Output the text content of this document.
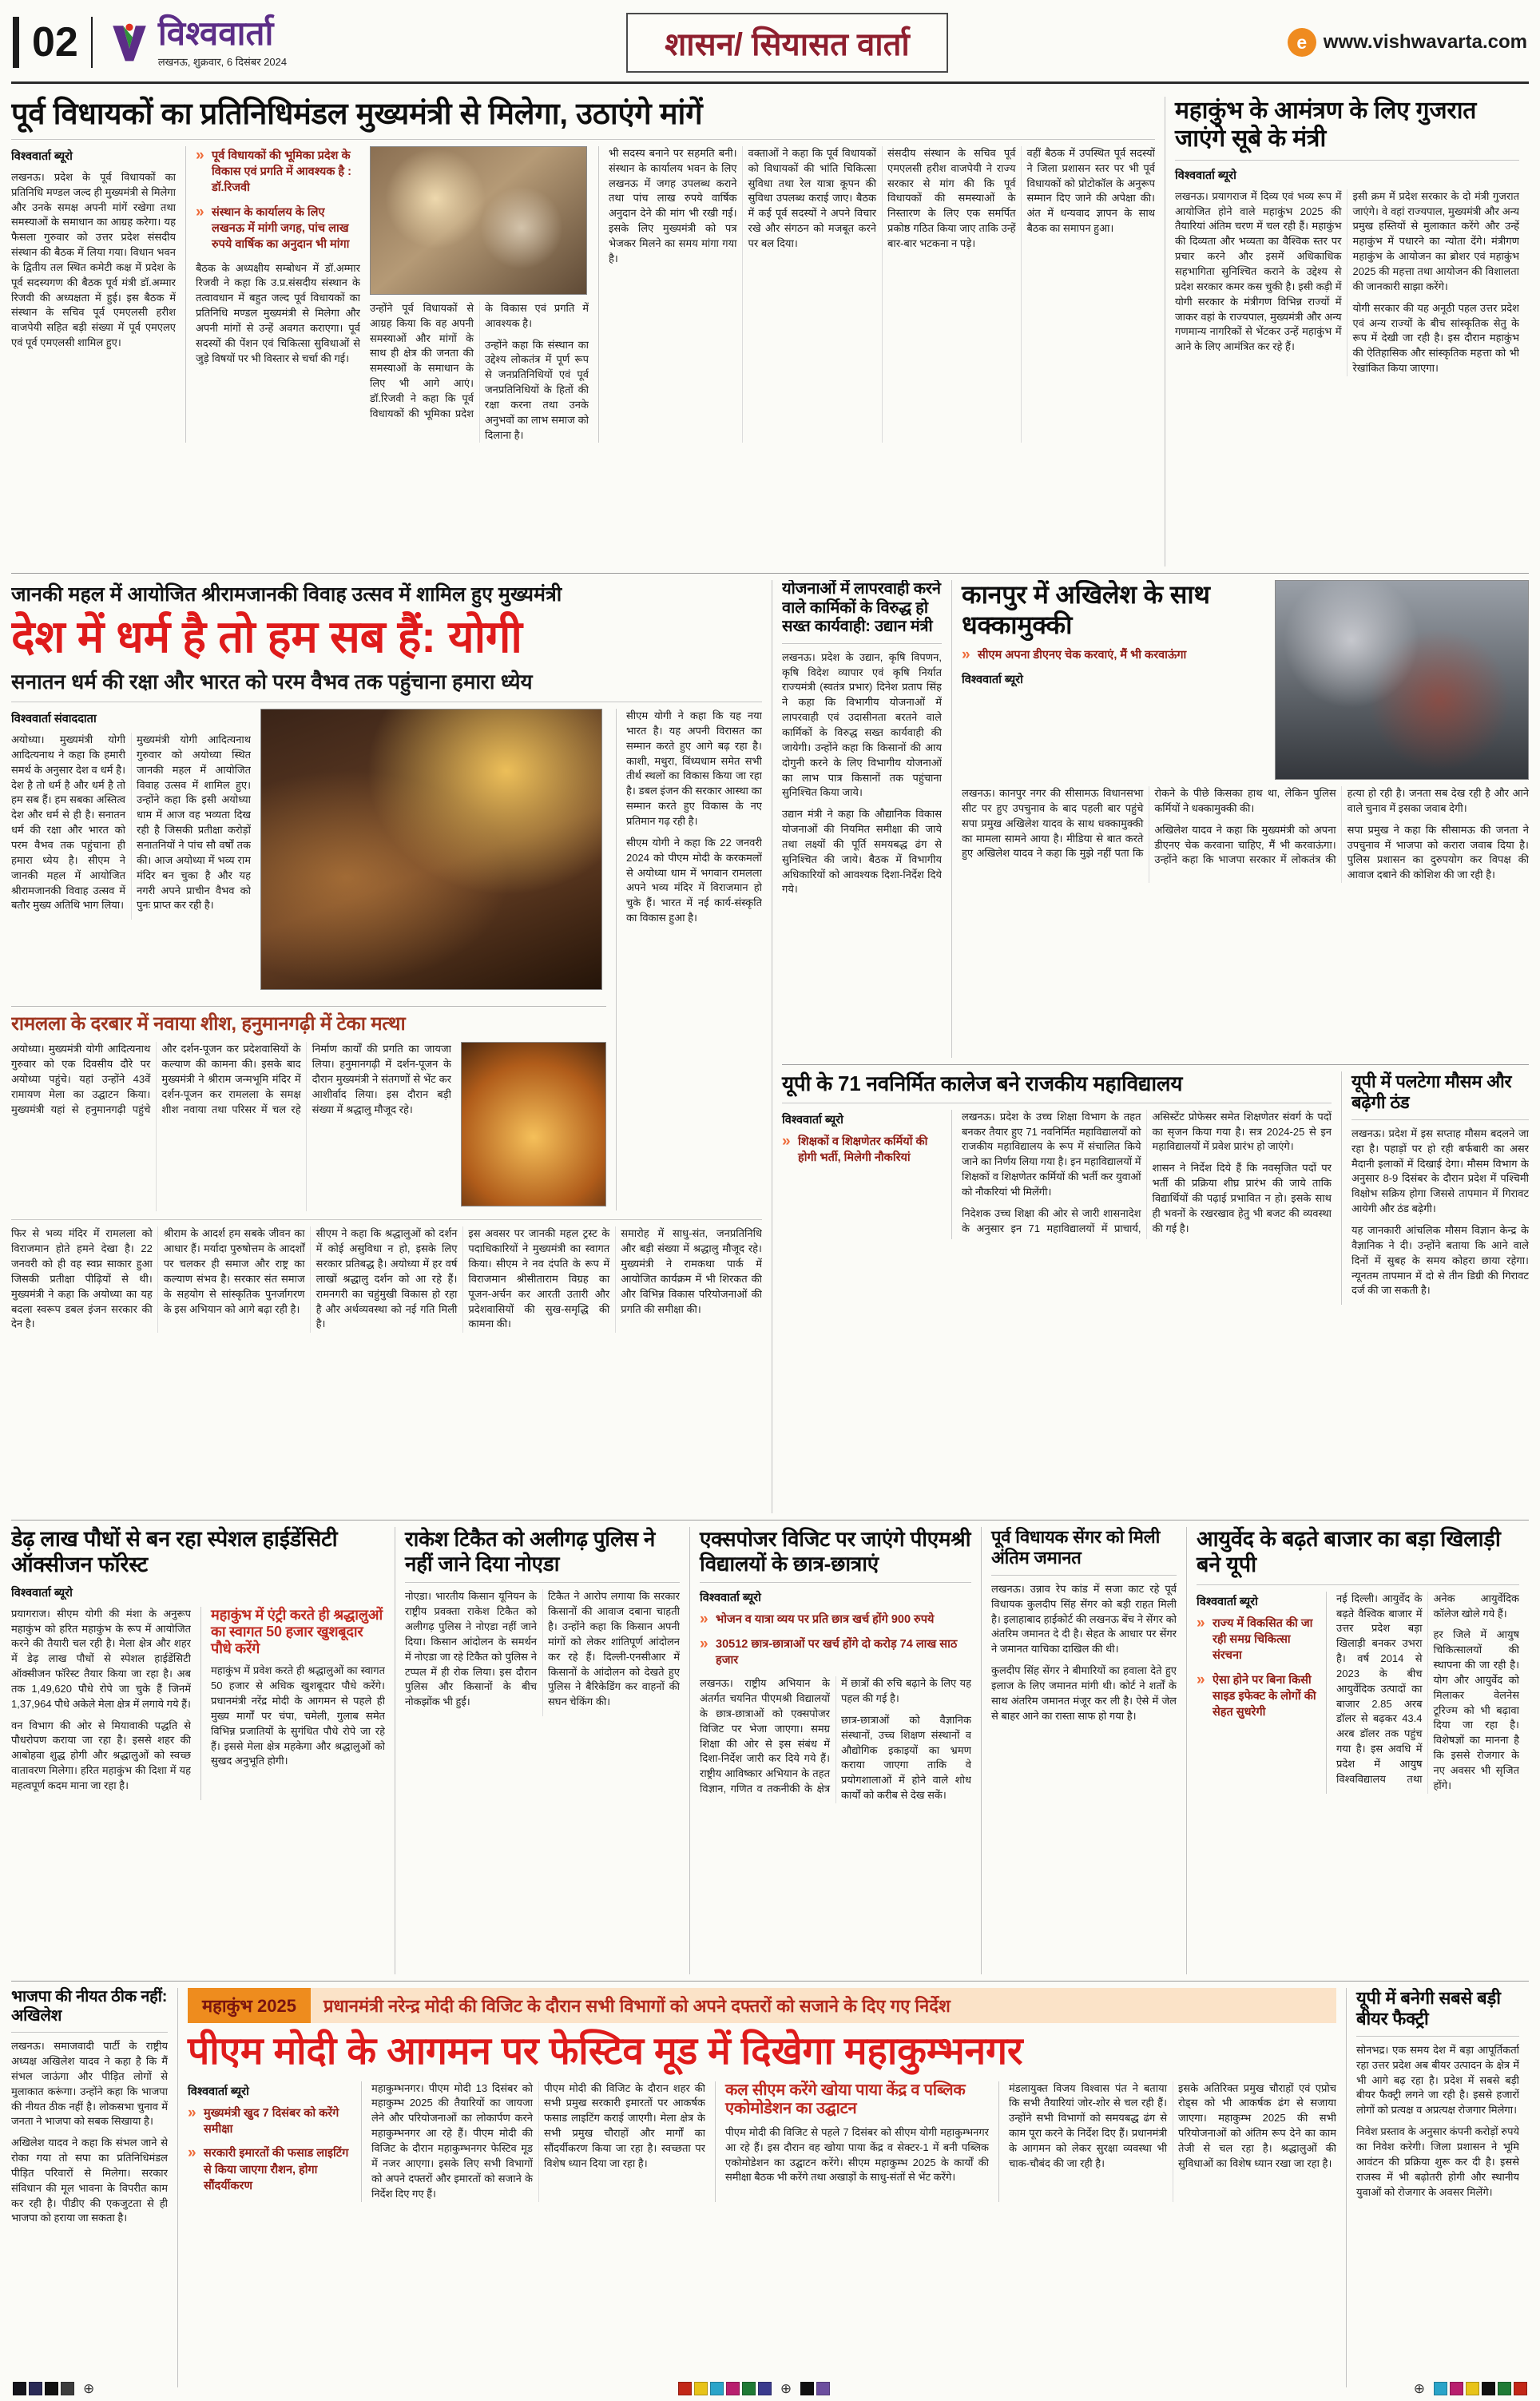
02	विश्ववार्ता
लखनऊ, शुक्रवार, 6 दिसंबर 2024	शासन/ सियासत वार्ता	e www.vishwavarta.com
पूर्व विधायकों का प्रतिनिधिमंडल मुख्यमंत्री से मिलेगा, उठाएंगे मांगें
विश्ववार्ता ब्यूरो

लखनऊ। प्रदेश के पूर्व विधायकों का प्रतिनिधि मण्डल जल्द ही मुख्यमंत्री से मिलेगा और उनके समक्ष अपनी मांगें रखेगा तथा समस्याओं के समाधान का आग्रह करेगा। यह फैसला गुरुवार को उत्तर प्रदेश संसदीय संस्थान की बैठक में लिया गया। विधान भवन के द्वितीय तल स्थित कमेटी कक्ष में प्रदेश के पूर्व सदस्यगण की बैठक पूर्व मंत्री डॉ.अम्मार रिजवी की अध्यक्षता में हुई। इस बैठक में संस्थान के सचिव पूर्व एमएलसी हरीश वाजपेयी सहित बड़ी संख्या में पूर्व एमएलए एवं पूर्व एमएलसी शामिल हुए।

» पूर्व विधायकों की भूमिका प्रदेश के विकास एवं प्रगति में आवश्यक है : डॉ.रिजवी
» संस्थान के कार्यालय के लिए लखनऊ में मांगी जगह, पांच लाख रुपये वार्षिक का अनुदान भी मांगा

बैठक के अध्यक्षीय सम्बोधन में डॉ.अम्मार रिजवी ने कहा कि उ.प्र.संसदीय संस्थान के तत्वावधान में बहुत जल्द पूर्व विधायकों का प्रतिनिधि मण्डल मुख्यमंत्री से मिलेगा और अपनी मांगों से उन्हें अवगत कराएगा। पूर्व सदस्यों की पेंशन एवं चिकित्सा सुविधाओं से जुड़े विषयों पर भी विस्तार से चर्चा की गई।

उन्होंने पूर्व विधायकों से आग्रह किया कि वह अपनी समस्याओं और मांगों के साथ ही क्षेत्र की जनता की समस्याओं के समाधान के लिए भी आगे आएं। डॉ.रिजवी ने कहा कि पूर्व विधायकों की भूमिका प्रदेश के विकास एवं प्रगति में आवश्यक है।

उन्होंने कहा कि संस्थान का उद्देश्य लोकतंत्र में पूर्ण रूप से जनप्रतिनिधियों एवं पूर्व जनप्रतिनिधियों के हितों की रक्षा करना तथा उनके अनुभवों का लाभ समाज को दिलाना है।

भी सदस्य बनाने पर सहमति बनी। संस्थान के कार्यालय भवन के लिए लखनऊ में जगह उपलब्ध कराने तथा पांच लाख रुपये वार्षिक अनुदान देने की मांग भी रखी गई। इसके लिए मुख्यमंत्री को पत्र भेजकर मिलने का समय मांगा गया है।

वक्ताओं ने कहा कि पूर्व विधायकों को विधायकों की भांति चिकित्सा सुविधा तथा रेल यात्रा कूपन की सुविधा उपलब्ध कराई जाए। बैठक में कई पूर्व सदस्यों ने अपने विचार रखे और संगठन को मजबूत करने पर बल दिया।

संसदीय संस्थान के सचिव पूर्व एमएलसी हरीश वाजपेयी ने राज्य सरकार से मांग की कि पूर्व विधायकों की समस्याओं के निस्तारण के लिए एक समर्पित प्रकोष्ठ गठित किया जाए ताकि उन्हें बार-बार भटकना न पड़े।

वहीं बैठक में उपस्थित पूर्व सदस्यों ने जिला प्रशासन स्तर पर भी पूर्व विधायकों को प्रोटोकॉल के अनुरूप सम्मान दिए जाने की अपेक्षा की। अंत में धन्यवाद ज्ञापन के साथ बैठक का समापन हुआ।

महाकुंभ के आमंत्रण के लिए गुजरात जाएंगे सूबे के मंत्री
विश्ववार्ता ब्यूरो

लखनऊ। प्रयागराज में दिव्य एवं भव्य रूप में आयोजित होने वाले महाकुंभ 2025 की तैयारियां अंतिम चरण में चल रही हैं। महाकुंभ की दिव्यता और भव्यता का वैश्विक स्तर पर प्रचार करने और इसमें अधिकाधिक सहभागिता सुनिश्चित कराने के उद्देश्य से प्रदेश सरकार कमर कस चुकी है। इसी कड़ी में योगी सरकार के मंत्रीगण विभिन्न राज्यों में जाकर वहां के राज्यपाल, मुख्यमंत्री और अन्य गणमान्य नागरिकों से भेंटकर उन्हें महाकुंभ में आने के लिए आमंत्रित कर रहे हैं।

इसी क्रम में प्रदेश सरकार के दो मंत्री गुजरात जाएंगे। वे वहां राज्यपाल, मुख्यमंत्री और अन्य प्रमुख हस्तियों से मुलाकात करेंगे और उन्हें महाकुंभ में पधारने का न्योता देंगे। मंत्रीगण महाकुंभ के आयोजन का ब्रोशर एवं महाकुंभ 2025 की महत्ता तथा आयोजन की विशालता की जानकारी साझा करेंगे।

योगी सरकार की यह अनूठी पहल उत्तर प्रदेश एवं अन्य राज्यों के बीच सांस्कृतिक सेतु के रूप में देखी जा रही है। इस दौरान महाकुंभ की ऐतिहासिक और सांस्कृतिक महत्ता को भी रेखांकित किया जाएगा।

जानकी महल में आयोजित श्रीरामजानकी विवाह उत्सव में शामिल हुए मुख्यमंत्री
देश में धर्म है तो हम सब हैं: योगी
सनातन धर्म की रक्षा और भारत को परम वैभव तक पहुंचाना हमारा ध्येय
विश्ववार्ता संवाददाता

अयोध्या। मुख्यमंत्री योगी आदित्यनाथ ने कहा कि हमारी समर्थ के अनुसार देश व धर्म है। देश है तो धर्म है और धर्म है तो हम सब हैं। हम सबका अस्तित्व देश और धर्म से ही है। सनातन धर्म की रक्षा और भारत को परम वैभव तक पहुंचाना ही हमारा ध्येय है। सीएम ने जानकी महल में आयोजित श्रीरामजानकी विवाह उत्सव में बतौर मुख्य अतिथि भाग लिया।

मुख्यमंत्री योगी आदित्यनाथ गुरुवार को अयोध्या स्थित जानकी महल में आयोजित विवाह उत्सव में शामिल हुए। उन्होंने कहा कि इसी अयोध्या धाम में आज वह भव्यता दिख रही है जिसकी प्रतीक्षा करोड़ों सनातनियों ने पांच सौ वर्षों तक की। आज अयोध्या में भव्य राम मंदिर बन चुका है और यह नगरी अपने प्राचीन वैभव को पुनः प्राप्त कर रही है।

रामलला के दरबार में नवाया शीश, हनुमानगढ़ी में टेका मत्था

अयोध्या। मुख्यमंत्री योगी आदित्यनाथ गुरुवार को एक दिवसीय दौरे पर अयोध्या पहुंचे। यहां उन्होंने 43वें रामायण मेला का उद्घाटन किया। मुख्यमंत्री यहां से हनुमानगढ़ी पहुंचे और दर्शन-पूजन कर प्रदेशवासियों के कल्याण की कामना की। इसके बाद मुख्यमंत्री ने श्रीराम जन्मभूमि मंदिर में दर्शन-पूजन कर रामलला के समक्ष शीश नवाया तथा परिसर में चल रहे निर्माण कार्यों की प्रगति का जायजा लिया। हनुमानगढ़ी में दर्शन-पूजन के दौरान मुख्यमंत्री ने संतगणों से भेंट कर आशीर्वाद लिया। इस दौरान बड़ी संख्या में श्रद्धालु मौजूद रहे।

सीएम योगी ने कहा कि यह नया भारत है। यह अपनी विरासत का सम्मान करते हुए आगे बढ़ रहा है। काशी, मथुरा, विंध्यधाम समेत सभी तीर्थ स्थलों का विकास किया जा रहा है। डबल इंजन की सरकार आस्था का सम्मान करते हुए विकास के नए प्रतिमान गढ़ रही है।

सीएम योगी ने कहा कि 22 जनवरी 2024 को पीएम मोदी के करकमलों से अयोध्या धाम में भगवान रामलला अपने भव्य मंदिर में विराजमान हो चुके हैं। भारत में नई कार्य-संस्कृति का विकास हुआ है।

फिर से भव्य मंदिर में रामलला को विराजमान होते हमने देखा है। 22 जनवरी को ही वह स्वप्न साकार हुआ जिसकी प्रतीक्षा पीढ़ियों से थी। मुख्यमंत्री ने कहा कि अयोध्या का यह बदला स्वरूप डबल इंजन सरकार की देन है।

श्रीराम के आदर्श हम सबके जीवन का आधार हैं। मर्यादा पुरुषोत्तम के आदर्शों पर चलकर ही समाज और राष्ट्र का कल्याण संभव है। सरकार संत समाज के सहयोग से सांस्कृतिक पुनर्जागरण के इस अभियान को आगे बढ़ा रही है।

सीएम ने कहा कि श्रद्धालुओं को दर्शन में कोई असुविधा न हो, इसके लिए सरकार प्रतिबद्ध है। अयोध्या में हर वर्ष लाखों श्रद्धालु दर्शन को आ रहे हैं। रामनगरी का चहुंमुखी विकास हो रहा है और अर्थव्यवस्था को नई गति मिली है।

इस अवसर पर जानकी महल ट्रस्ट के पदाधिकारियों ने मुख्यमंत्री का स्वागत किया। सीएम ने नव दंपति के रूप में विराजमान श्रीसीताराम विग्रह का पूजन-अर्चन कर आरती उतारी और प्रदेशवासियों की सुख-समृद्धि की कामना की।

समारोह में साधु-संत, जनप्रतिनिधि और बड़ी संख्या में श्रद्धालु मौजूद रहे। मुख्यमंत्री ने रामकथा पार्क में आयोजित कार्यक्रम में भी शिरकत की और विभिन्न विकास परियोजनाओं की प्रगति की समीक्षा की।

योजनाओं में लापरवाही करने वाले कार्मिकों के विरुद्ध हो सख्त कार्यवाही: उद्यान मंत्री

लखनऊ। प्रदेश के उद्यान, कृषि विपणन, कृषि विदेश व्यापार एवं कृषि निर्यात राज्यमंत्री (स्वतंत्र प्रभार) दिनेश प्रताप सिंह ने कहा कि विभागीय योजनाओं में लापरवाही एवं उदासीनता बरतने वाले कार्मिकों के विरुद्ध सख्त कार्यवाही की जायेगी। उन्होंने कहा कि किसानों की आय दोगुनी करने के लिए विभागीय योजनाओं का लाभ पात्र किसानों तक पहुंचाना सुनिश्चित किया जाये।

उद्यान मंत्री ने कहा कि औद्यानिक विकास योजनाओं की नियमित समीक्षा की जाये तथा लक्ष्यों की पूर्ति समयबद्ध ढंग से सुनिश्चित की जाये। बैठक में विभागीय अधिकारियों को आवश्यक दिशा-निर्देश दिये गये।

कानपुर में अखिलेश के साथ धक्कामुक्की
» सीएम अपना डीएनए चेक करवाएं, मैं भी करवाऊंगा
विश्ववार्ता ब्यूरो

लखनऊ। कानपुर नगर की सीसामऊ विधानसभा सीट पर हुए उपचुनाव के बाद पहली बार पहुंचे सपा प्रमुख अखिलेश यादव के साथ धक्कामुक्की का मामला सामने आया है। मीडिया से बात करते हुए अखिलेश यादव ने कहा कि मुझे नहीं पता कि रोकने के पीछे किसका हाथ था, लेकिन पुलिस कर्मियों ने धक्कामुक्की की।

अखिलेश यादव ने कहा कि मुख्यमंत्री को अपना डीएनए चेक करवाना चाहिए, मैं भी करवाऊंगा। उन्होंने कहा कि भाजपा सरकार में लोकतंत्र की हत्या हो रही है। जनता सब देख रही है और आने वाले चुनाव में इसका जवाब देगी।

सपा प्रमुख ने कहा कि सीसामऊ की जनता ने उपचुनाव में भाजपा को करारा जवाब दिया है। पुलिस प्रशासन का दुरुपयोग कर विपक्ष की आवाज दबाने की कोशिश की जा रही है।

यूपी के 71 नवनिर्मित कालेज बने राजकीय महाविद्यालय
विश्ववार्ता ब्यूरो
» शिक्षकों व शिक्षणेतर कर्मियों की होगी भर्ती, मिलेगी नौकरियां

लखनऊ। प्रदेश के उच्च शिक्षा विभाग के तहत बनकर तैयार हुए 71 नवनिर्मित महाविद्यालयों को राजकीय महाविद्यालय के रूप में संचालित किये जाने का निर्णय लिया गया है। इन महाविद्यालयों में शिक्षकों व शिक्षणेतर कर्मियों की भर्ती कर युवाओं को नौकरियां भी मिलेंगी।

निदेशक उच्च शिक्षा की ओर से जारी शासनादेश के अनुसार इन 71 महाविद्यालयों में प्राचार्य, असिस्टेंट प्रोफेसर समेत शिक्षणेतर संवर्ग के पदों का सृजन किया गया है। सत्र 2024-25 से इन महाविद्यालयों में प्रवेश प्रारंभ हो जाएंगे।

शासन ने निर्देश दिये हैं कि नवसृजित पदों पर भर्ती की प्रक्रिया शीघ्र प्रारंभ की जाये ताकि विद्यार्थियों की पढ़ाई प्रभावित न हो। इसके साथ ही भवनों के रखरखाव हेतु भी बजट की व्यवस्था की गई है।

यूपी में पलटेगा मौसम और बढ़ेगी ठंड

लखनऊ। प्रदेश में इस सप्ताह मौसम बदलने जा रहा है। पहाड़ों पर हो रही बर्फबारी का असर मैदानी इलाकों में दिखाई देगा। मौसम विभाग के अनुसार 8-9 दिसंबर के दौरान प्रदेश में पश्चिमी विक्षोभ सक्रिय होगा जिससे तापमान में गिरावट आयेगी और ठंड बढ़ेगी।

यह जानकारी आंचलिक मौसम विज्ञान केन्द्र के वैज्ञानिक ने दी। उन्होंने बताया कि आने वाले दिनों में सुबह के समय कोहरा छाया रहेगा। न्यूनतम तापमान में दो से तीन डिग्री की गिरावट दर्ज की जा सकती है।

डेढ़ लाख पौधों से बन रहा स्पेशल हाईडेंसिटी ऑक्सीजन फॉरेस्ट
विश्ववार्ता ब्यूरो

प्रयागराज। सीएम योगी की मंशा के अनुरूप महाकुंभ को हरित महाकुंभ के रूप में आयोजित करने की तैयारी चल रही है। मेला क्षेत्र और शहर में डेढ़ लाख पौधों से स्पेशल हाईडेंसिटी ऑक्सीजन फॉरेस्ट तैयार किया जा रहा है। अब तक 1,49,620 पौधे रोपे जा चुके हैं जिनमें 1,37,964 पौधे अकेले मेला क्षेत्र में लगाये गये हैं।

वन विभाग की ओर से मियावाकी पद्धति से पौधरोपण कराया जा रहा है। इससे शहर की आबोहवा शुद्ध होगी और श्रद्धालुओं को स्वच्छ वातावरण मिलेगा। हरित महाकुंभ की दिशा में यह महत्वपूर्ण कदम माना जा रहा है।

महाकुंभ में एंट्री करते ही श्रद्धालुओं का स्वागत 50 हजार खुशबूदार पौधे करेंगे

महाकुंभ में प्रवेश करते ही श्रद्धालुओं का स्वागत 50 हजार से अधिक खुशबूदार पौधे करेंगे। प्रधानमंत्री नरेंद्र मोदी के आगमन से पहले ही मुख्य मार्गों पर चंपा, चमेली, गुलाब समेत विभिन्न प्रजातियों के सुगंधित पौधे रोपे जा रहे हैं। इससे मेला क्षेत्र महकेगा और श्रद्धालुओं को सुखद अनुभूति होगी।

राकेश टिकैत को अलीगढ़ पुलिस ने नहीं जाने दिया नोएडा

नोएडा। भारतीय किसान यूनियन के राष्ट्रीय प्रवक्ता राकेश टिकैत को अलीगढ़ पुलिस ने नोएडा नहीं जाने दिया। किसान आंदोलन के समर्थन में नोएडा जा रहे टिकैत को पुलिस ने टप्पल में ही रोक लिया। इस दौरान पुलिस और किसानों के बीच नोकझोंक भी हुई।

टिकैत ने आरोप लगाया कि सरकार किसानों की आवाज दबाना चाहती है। उन्होंने कहा कि किसान अपनी मांगों को लेकर शांतिपूर्ण आंदोलन कर रहे हैं। दिल्ली-एनसीआर में किसानों के आंदोलन को देखते हुए पुलिस ने बैरिकेडिंग कर वाहनों की सघन चेकिंग की।

एक्सपोजर विजिट पर जाएंगे पीएमश्री विद्यालयों के छात्र-छात्राएं
विश्ववार्ता ब्यूरो
» भोजन व यात्रा व्यय पर प्रति छात्र खर्च होंगे 900 रुपये
» 30512 छात्र-छात्राओं पर खर्च होंगे दो करोड़ 74 लाख साठ हजार

लखनऊ। राष्ट्रीय अभियान के अंतर्गत चयनित पीएमश्री विद्यालयों के छात्र-छात्राओं को एक्सपोजर विजिट पर भेजा जाएगा। समग्र शिक्षा की ओर से इस संबंध में दिशा-निर्देश जारी कर दिये गये हैं। राष्ट्रीय आविष्कार अभियान के तहत विज्ञान, गणित व तकनीकी के क्षेत्र में छात्रों की रुचि बढ़ाने के लिए यह पहल की गई है।

छात्र-छात्राओं को वैज्ञानिक संस्थानों, उच्च शिक्षण संस्थानों व औद्योगिक इकाइयों का भ्रमण कराया जाएगा ताकि वे प्रयोगशालाओं में होने वाले शोध कार्यों को करीब से देख सकें।

पूर्व विधायक सेंगर को मिली अंतिम जमानत

लखनऊ। उन्नाव रेप कांड में सजा काट रहे पूर्व विधायक कुलदीप सिंह सेंगर को बड़ी राहत मिली है। इलाहाबाद हाईकोर्ट की लखनऊ बेंच ने सेंगर को अंतरिम जमानत दे दी है। सेहत के आधार पर सेंगर ने जमानत याचिका दाखिल की थी।

कुलदीप सिंह सेंगर ने बीमारियों का हवाला देते हुए इलाज के लिए जमानत मांगी थी। कोर्ट ने शर्तों के साथ अंतरिम जमानत मंजूर कर ली है। ऐसे में जेल से बाहर आने का रास्ता साफ हो गया है।

आयुर्वेद के बढ़ते बाजार का बड़ा खिलाड़ी बने यूपी
विश्ववार्ता ब्यूरो
» राज्य में विकसित की जा रही समग्र चिकित्सा संरचना
» ऐसा होने पर बिना किसी साइड इफेक्ट के लोगों की सेहत सुधरेगी

नई दिल्ली। आयुर्वेद के बढ़ते वैश्विक बाजार में उत्तर प्रदेश बड़ा खिलाड़ी बनकर उभरा है। वर्ष 2014 से 2023 के बीच आयुर्वेदिक उत्पादों का बाजार 2.85 अरब डॉलर से बढ़कर 43.4 अरब डॉलर तक पहुंच गया है। इस अवधि में प्रदेश में आयुष विश्वविद्यालय तथा अनेक आयुर्वेदिक कॉलेज खोले गये हैं।

हर जिले में आयुष चिकित्सालयों की स्थापना की जा रही है। योग और आयुर्वेद को मिलाकर वेलनेस टूरिज्म को भी बढ़ावा दिया जा रहा है। विशेषज्ञों का मानना है कि इससे रोजगार के नए अवसर भी सृजित होंगे।

भाजपा की नीयत ठीक नहीं: अखिलेश

लखनऊ। समाजवादी पार्टी के राष्ट्रीय अध्यक्ष अखिलेश यादव ने कहा है कि मैं संभल जाऊंगा और पीड़ित लोगों से मुलाकात करूंगा। उन्होंने कहा कि भाजपा की नीयत ठीक नहीं है। लोकसभा चुनाव में जनता ने भाजपा को सबक सिखाया है।

अखिलेश यादव ने कहा कि संभल जाने से रोका गया तो सपा का प्रतिनिधिमंडल पीड़ित परिवारों से मिलेगा। सरकार संविधान की मूल भावना के विपरीत काम कर रही है। पीडीए की एकजुटता से ही भाजपा को हराया जा सकता है।

महाकुंभ 2025	प्रधानमंत्री नरेन्द्र मोदी की विजिट के दौरान सभी विभागों को अपने दफ्तरों को सजाने के दिए गए निर्देश
पीएम मोदी के आगमन पर फेस्टिव मूड में दिखेगा महाकुम्भनगर
विश्ववार्ता ब्यूरो
» मुख्यमंत्री खुद 7 दिसंबर को करेंगे समीक्षा
» सरकारी इमारतों की फसाड लाइटिंग से किया जाएगा रौशन, होगा सौंदर्यीकरण

महाकुम्भनगर। पीएम मोदी 13 दिसंबर को महाकुम्भ 2025 की तैयारियों का जायजा लेने और परियोजनाओं का लोकार्पण करने महाकुम्भनगर आ रहे हैं। पीएम मोदी की विजिट के दौरान महाकुम्भनगर फेस्टिव मूड में नजर आएगा। इसके लिए सभी विभागों को अपने दफ्तरों और इमारतों को सजाने के निर्देश दिए गए हैं।

पीएम मोदी की विजिट के दौरान शहर की सभी प्रमुख सरकारी इमारतों पर आकर्षक फसाड लाइटिंग कराई जाएगी। मेला क्षेत्र के सभी प्रमुख चौराहों और मार्गों का सौंदर्यीकरण किया जा रहा है। स्वच्छता पर विशेष ध्यान दिया जा रहा है।

कल सीएम करेंगे खोया पाया केंद्र व पब्लिक एकोमोडेशन का उद्घाटन

पीएम मोदी की विजिट से पहले 7 दिसंबर को सीएम योगी महाकुम्भनगर आ रहे हैं। इस दौरान वह खोया पाया केंद्र व सेक्टर-1 में बनी पब्लिक एकोमोडेशन का उद्घाटन करेंगे। सीएम महाकुम्भ 2025 के कार्यों की समीक्षा बैठक भी करेंगे तथा अखाड़ों के साधु-संतों से भेंट करेंगे।

मंडलायुक्त विजय विश्वास पंत ने बताया कि सभी तैयारियां जोर-शोर से चल रही हैं। उन्होंने सभी विभागों को समयबद्ध ढंग से काम पूरा करने के निर्देश दिए हैं। प्रधानमंत्री के आगमन को लेकर सुरक्षा व्यवस्था भी चाक-चौबंद की जा रही है।

इसके अतिरिक्त प्रमुख चौराहों एवं एप्रोच रोड्स को भी आकर्षक ढंग से सजाया जाएगा। महाकुम्भ 2025 की सभी परियोजनाओं को अंतिम रूप देने का काम तेजी से चल रहा है। श्रद्धालुओं की सुविधाओं का विशेष ध्यान रखा जा रहा है।

यूपी में बनेगी सबसे बड़ी बीयर फैक्ट्री

सोनभद्र। एक समय देश में बड़ा आपूर्तिकर्ता रहा उत्तर प्रदेश अब बीयर उत्पादन के क्षेत्र में भी आगे बढ़ रहा है। प्रदेश में सबसे बड़ी बीयर फैक्ट्री लगने जा रही है। इससे हजारों लोगों को प्रत्यक्ष व अप्रत्यक्ष रोजगार मिलेगा।

निवेश प्रस्ताव के अनुसार कंपनी करोड़ों रुपये का निवेश करेगी। जिला प्रशासन ने भूमि आवंटन की प्रक्रिया शुरू कर दी है। इससे राजस्व में भी बढ़ोतरी होगी और स्थानीय युवाओं को रोजगार के अवसर मिलेंगे।

⊕	⊕	⊕
